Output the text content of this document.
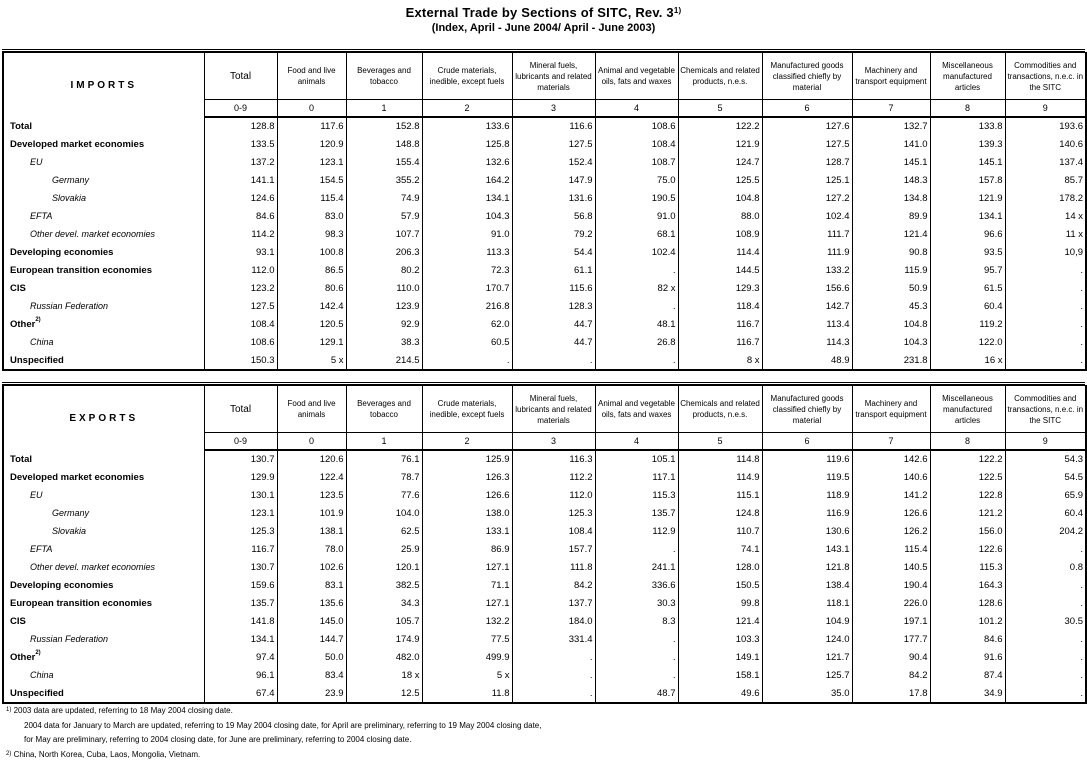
External Trade by Sections of SITC, Rev. 3$^{1)}$
(Index, April - June 2004/ April - June 2003)
IMPORTS	Total	Food and live animals	Beverages and tobacco	Crude materials, inedible, except fuels	Mineral fuels, lubricants and related materials	Animal and vegetable oils, fats and waxes	Chemicals and related products, n.e.s.	Manufactured goods classified chiefly by material	Machinery and transport equipment	Miscellaneous manufactured articles	Commodities and transactions, n.e.c. in the SITC
	0-9	0	1	2	3	4	5	6	7	8	9
Total	128.8	117.6	152.8	133.6	116.6	108.6	122.2	127.6	132.7	133.8	193.6
Developed market economies	133.5	120.9	148.8	125.8	127.5	108.4	121.9	127.5	141.0	139.3	140.6
EU	137.2	123.1	155.4	132.6	152.4	108.7	124.7	128.7	145.1	145.1	137.4
Germany	141.1	154.5	355.2	164.2	147.9	75.0	125.5	125.1	148.3	157.8	85.7
Slovakia	124.6	115.4	74.9	134.1	131.6	190.5	104.8	127.2	134.8	121.9	178.2
EFTA	84.6	83.0	57.9	104.3	56.8	91.0	88.0	102.4	89.9	134.1	14 x
Other devel. market economies	114.2	98.3	107.7	91.0	79.2	68.1	108.9	111.7	121.4	96.6	11 x
Developing economies	93.1	100.8	206.3	113.3	54.4	102.4	114.4	111.9	90.8	93.5	10,9
European transition economies	112.0	86.5	80.2	72.3	61.1	.	144.5	133.2	115.9	95.7	.
CIS	123.2	80.6	110.0	170.7	115.6	82 x	129.3	156.6	50.9	61.5	.
Russian Federation	127.5	142.4	123.9	216.8	128.3	.	118.4	142.7	45.3	60.4	.
Other$^{2)}$	108.4	120.5	92.9	62.0	44.7	48.1	116.7	113.4	104.8	119.2	.
China	108.6	129.1	38.3	60.5	44.7	26.8	116.7	114.3	104.3	122.0	.
Unspecified	150.3	5 x	214.5	.	.	.	8 x	48.9	231.8	16 x	.
EXPORTS	Total	Food and live animals	Beverages and tobacco	Crude materials, inedible, except fuels	Mineral fuels, lubricants and related materials	Animal and vegetable oils, fats and waxes	Chemicals and related products, n.e.s.	Manufactured goods classified chiefly by material	Machinery and transport equipment	Miscellaneous manufactured articles	Commodities and transactions, n.e.c. in the SITC
	0-9	0	1	2	3	4	5	6	7	8	9
Total	130.7	120.6	76.1	125.9	116.3	105.1	114.8	119.6	142.6	122.2	54.3
Developed market economies	129.9	122.4	78.7	126.3	112.2	117.1	114.9	119.5	140.6	122.5	54.5
EU	130.1	123.5	77.6	126.6	112.0	115.3	115.1	118.9	141.2	122.8	65.9
Germany	123.1	101.9	104.0	138.0	125.3	135.7	124.8	116.9	126.6	121.2	60.4
Slovakia	125.3	138.1	62.5	133.1	108.4	112.9	110.7	130.6	126.2	156.0	204.2
EFTA	116.7	78.0	25.9	86.9	157.7	.	74.1	143.1	115.4	122.6	.
Other devel. market economies	130.7	102.6	120.1	127.1	111.8	241.1	128.0	121.8	140.5	115.3	0.8
Developing economies	159.6	83.1	382.5	71.1	84.2	336.6	150.5	138.4	190.4	164.3	.
European transition economies	135.7	135.6	34.3	127.1	137.7	30.3	99.8	118.1	226.0	128.6	.
CIS	141.8	145.0	105.7	132.2	184.0	8.3	121.4	104.9	197.1	101.2	30.5
Russian Federation	134.1	144.7	174.9	77.5	331.4	.	103.3	124.0	177.7	84.6	.
Other$^{2)}$	97.4	50.0	482.0	499.9	.	.	149.1	121.7	90.4	91.6	.
China	96.1	83.4	18 x	5 x	.	.	158.1	125.7	84.2	87.4	.
Unspecified	67.4	23.9	12.5	11.8	.	48.7	49.6	35.0	17.8	34.9	.
$^{1)}$ 2003 data are updated, referring to 18 May 2004 closing date.
2004 data for January to March are updated, referring to 19 May 2004 closing date, for April are preliminary, referring to 19 May 2004 closing date,
for May are preliminary, referring to 2004 closing date, for June are preliminary, referring to 2004 closing date.
$^{2)}$ China, North Korea, Cuba, Laos, Mongolia, Vietnam.
